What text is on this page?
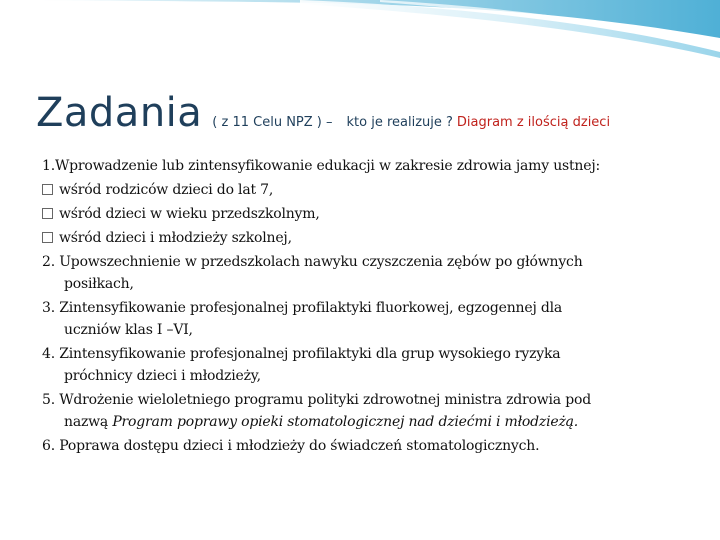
Zadania ( z 11 Celu NPZ ) – kto je realizuje ? Diagram z ilością dzieci
1.Wprowadzenie lub zintensyfikowanie edukacji w zakresie zdrowia jamy ustnej:
wśród rodziców dzieci do lat 7,
wśród dzieci w wieku przedszkolnym,
wśród dzieci i młodzieży szkolnej,
2. Upowszechnienie w przedszkolach nawyku czyszczenia zębów po głównych
posiłkach,
3. Zintensyfikowanie profesjonalnej profilaktyki fluorkowej, egzogennej dla
uczniów klas I –VI,
4. Zintensyfikowanie profesjonalnej profilaktyki dla grup wysokiego ryzyka
próchnicy dzieci i młodzieży,
5. Wdrożenie wieloletniego programu polityki zdrowotnej ministra zdrowia pod
nazwą Program poprawy opieki stomatologicznej nad dziećmi i młodzieżą.
6. Poprawa dostępu dzieci i młodzieży do świadczeń stomatologicznych.
